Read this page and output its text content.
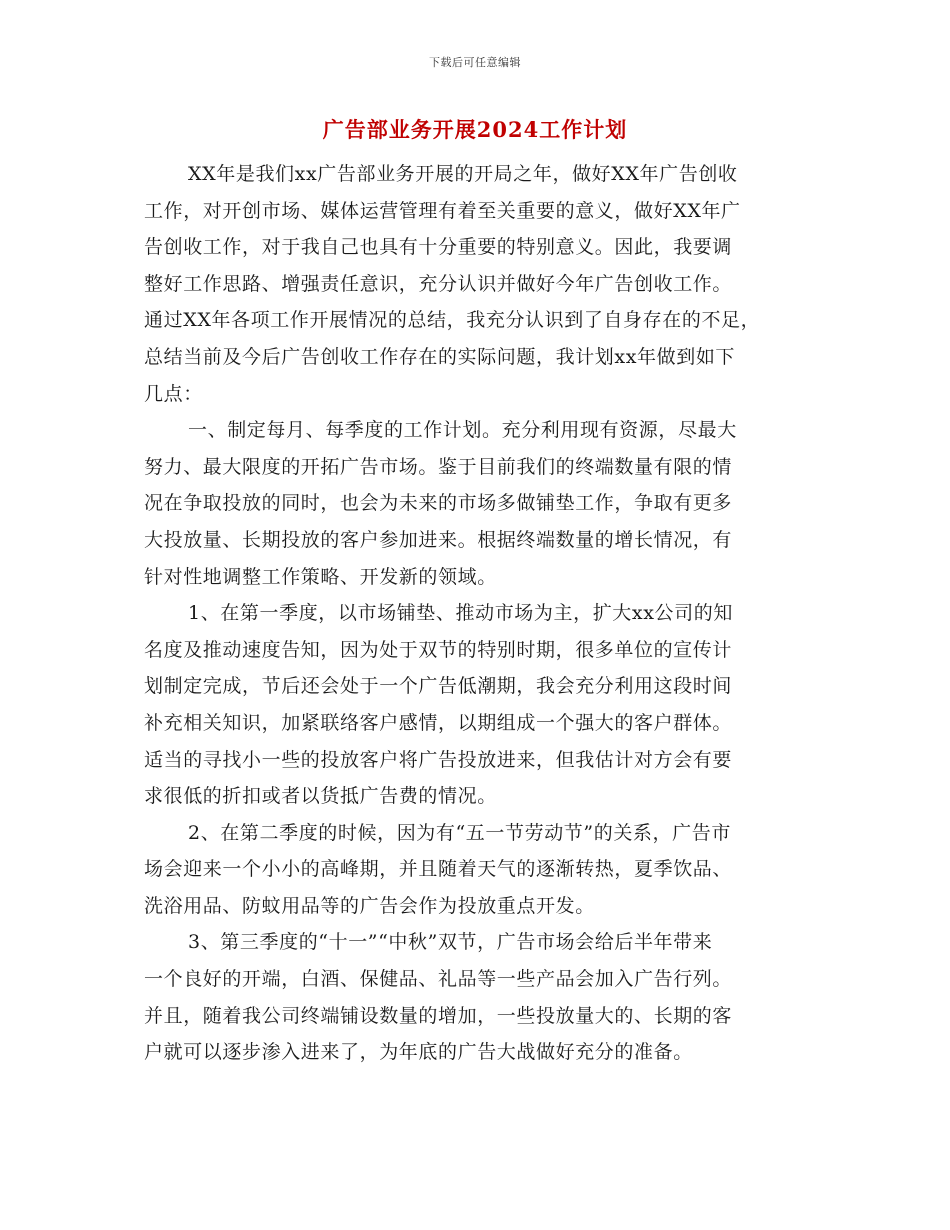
下载后可任意编辑
广告部业务开展2024工作计划
XX年是我们xx广告部业务开展的开局之年，做好XX年广告创收
工作，对开创市场、媒体运营管理有着至关重要的意义，做好XX年广
告创收工作，对于我自己也具有十分重要的特别意义。因此，我要调
整好工作思路、增强责任意识，充分认识并做好今年广告创收工作。
通过XX年各项工作开展情况的总结，我充分认识到了自身存在的不足，
总结当前及今后广告创收工作存在的实际问题，我计划xx年做到如下
几点：
一、制定每月、每季度的工作计划。充分利用现有资源，尽最大
努力、最大限度的开拓广告市场。鉴于目前我们的终端数量有限的情
况在争取投放的同时，也会为未来的市场多做铺垫工作，争取有更多
大投放量、长期投放的客户参加进来。根据终端数量的增长情况，有
针对性地调整工作策略、开发新的领域。
1、在第一季度，以市场铺垫、推动市场为主，扩大xx公司的知
名度及推动速度告知，因为处于双节的特别时期，很多单位的宣传计
划制定完成，节后还会处于一个广告低潮期，我会充分利用这段时间
补充相关知识，加紧联络客户感情，以期组成一个强大的客户群体。
适当的寻找小一些的投放客户将广告投放进来，但我估计对方会有要
求很低的折扣或者以货抵广告费的情况。
2、在第二季度的时候，因为有“五一节劳动节”的关系，广告市
场会迎来一个小小的高峰期，并且随着天气的逐渐转热，夏季饮品、
洗浴用品、防蚊用品等的广告会作为投放重点开发。
3、第三季度的“十一”“中秋”双节，广告市场会给后半年带来
一个良好的开端，白酒、保健品、礼品等一些产品会加入广告行列。
并且，随着我公司终端铺设数量的增加，一些投放量大的、长期的客
户就可以逐步渗入进来了，为年底的广告大战做好充分的准备。
